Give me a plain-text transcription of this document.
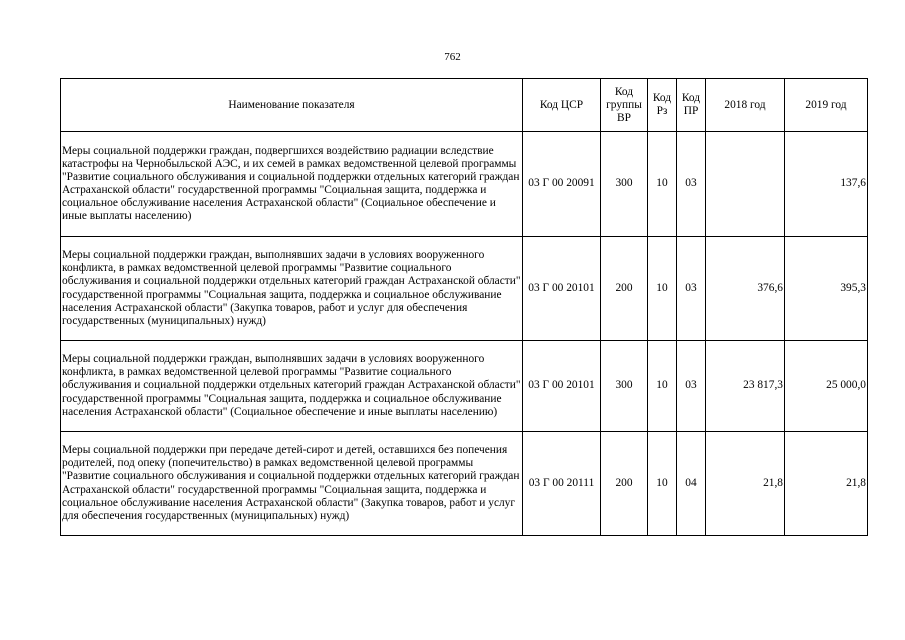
762
Наименование показателя	Код ЦСР	Код группы ВР	Код Рз	Код ПР	2018 год	2019 год
Меры социальной поддержки граждан, подвергшихся воздействию радиации вследствие катастрофы на Чернобыльской АЭС, и их семей в рамках ведомственной целевой программы "Развитие социального обслуживания и социальной поддержки отдельных категорий граждан Астраханской области" государственной программы "Социальная защита, поддержка и социальное обслуживание населения Астраханской области" (Социальное обеспечение и иные выплаты населению)	03 Г 00 20091	300	10	03		137,6
Меры социальной поддержки граждан, выполнявших задачи в условиях вооруженного конфликта, в рамках ведомственной целевой программы "Развитие социального обслуживания и социальной поддержки отдельных категорий граждан Астраханской области" государственной программы "Социальная защита, поддержка и социальное обслуживание населения Астраханской области" (Закупка товаров, работ и услуг для обеспечения государственных (муниципальных) нужд)	03 Г 00 20101	200	10	03	376,6	395,3
Меры социальной поддержки граждан, выполнявших задачи в условиях вооруженного конфликта, в рамках ведомственной целевой программы "Развитие социального обслуживания и социальной поддержки отдельных категорий граждан Астраханской области" государственной программы "Социальная защита, поддержка и социальное обслуживание населения Астраханской области" (Социальное обеспечение и иные выплаты населению)	03 Г 00 20101	300	10	03	23 817,3	25 000,0
Меры социальной поддержки при передаче детей-сирот и детей, оставшихся без попечения родителей, под опеку (попечительство) в рамках ведомственной целевой программы "Развитие социального обслуживания и социальной поддержки отдельных категорий граждан Астраханской области" государственной программы "Социальная защита, поддержка и социальное обслуживание населения Астраханской области" (Закупка товаров, работ и услуг для обеспечения государственных (муниципальных) нужд)	03 Г 00 20111	200	10	04	21,8	21,8
